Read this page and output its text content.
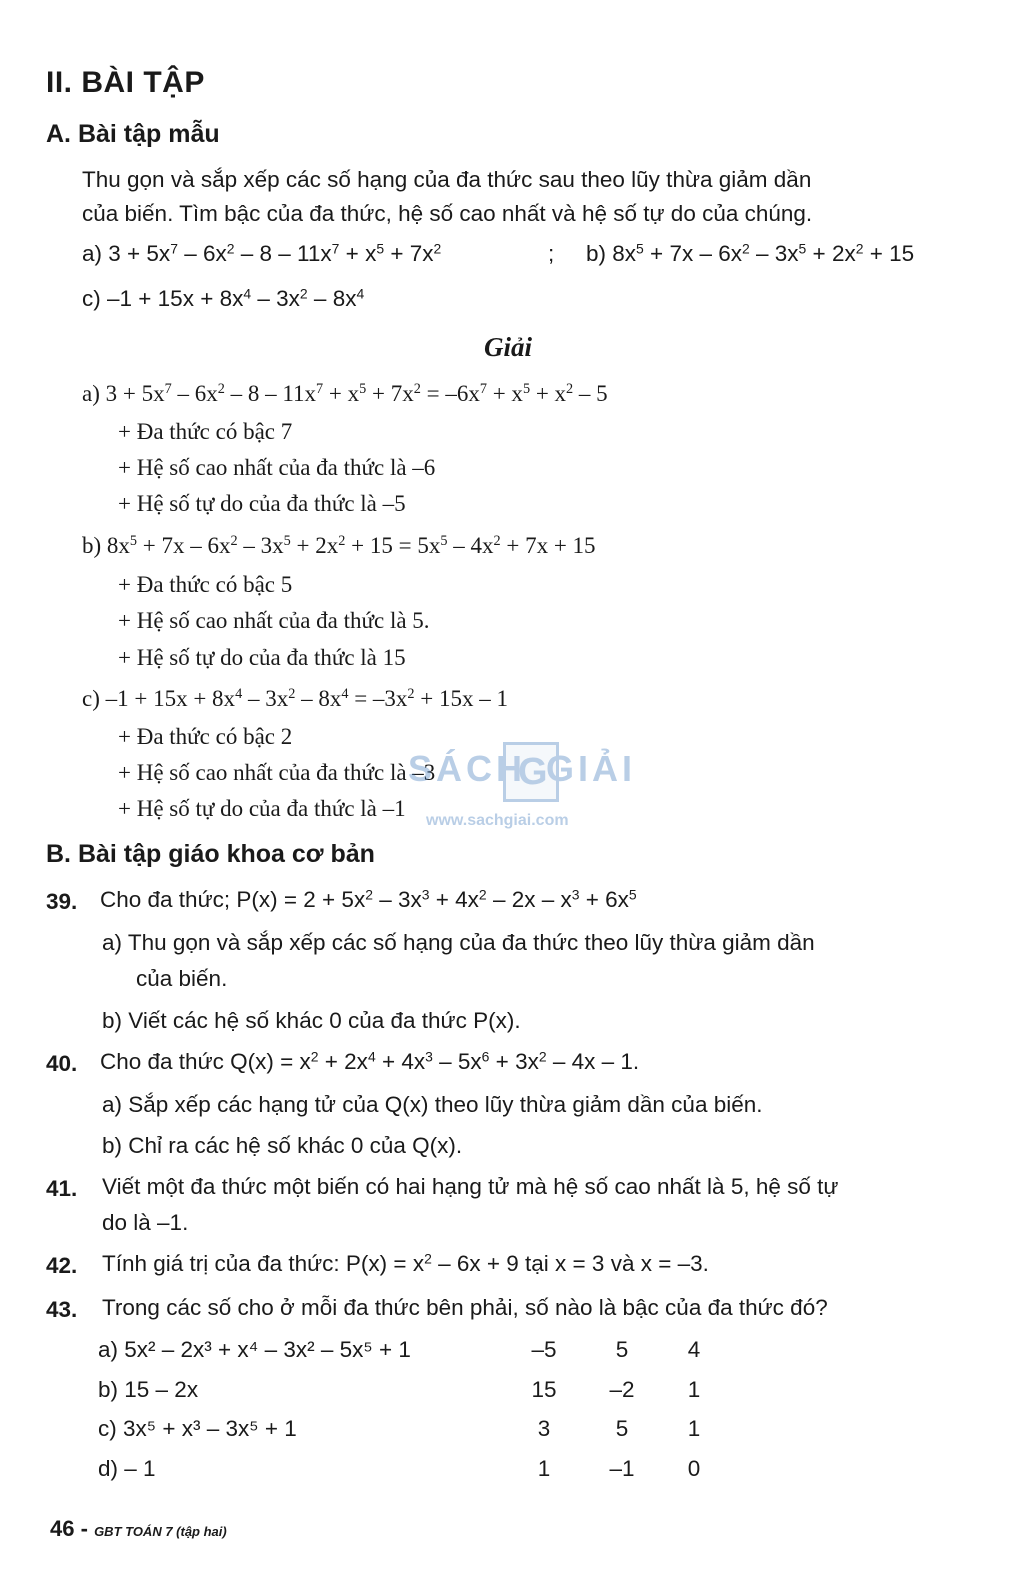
II. BÀI TẬP
A. Bài tập mẫu
Thu gọn và sắp xếp các số hạng của đa thức sau theo lũy thừa giảm dần
của biến. Tìm bậc của đa thức, hệ số cao nhất và hệ số tự do của chúng.
a) $3 + 5x^7 - 6x^2 - 8 - 11x^7 + x^5 + 7x^2$	; b) $8x^5 + 7x - 6x^2 - 3x^5 + 2x^2 + 15$
c) $-1 + 15x + 8x^4 - 3x^2 - 8x^4$
Giải
a) $3 + 5x^7 - 6x^2 - 8 - 11x^7 + x^5 + 7x^2 = -6x^7 + x^5 + x^2 - 5$
+ Đa thức có bậc 7
+ Hệ số cao nhất của đa thức là –6
+ Hệ số tự do của đa thức là –5
b) $8x^5 + 7x - 6x^2 - 3x^5 + 2x^2 + 15 = 5x^5 - 4x^2 + 7x + 15$
+ Đa thức có bậc 5
+ Hệ số cao nhất của đa thức là 5.
+ Hệ số tự do của đa thức là 15
c) $-1 + 15x + 8x^4 - 3x^2 - 8x^4 = -3x^2 + 15x - 1$
+ Đa thức có bậc 2
+ Hệ số cao nhất của đa thức là –3
+ Hệ số tự do của đa thức là –1
SÁCH
G
GIẢI
www.sachgiai.com
B. Bài tập giáo khoa cơ bản
39. Cho đa thức; $P(x) = 2 + 5x^2 - 3x^3 + 4x^2 - 2x - x^3 + 6x^5$
a) Thu gọn và sắp xếp các số hạng của đa thức theo lũy thừa giảm dần
của biến.
b) Viết các hệ số khác 0 của đa thức P(x).
40. Cho đa thức $Q(x) = x^2 + 2x^4 + 4x^3 - 5x^6 + 3x^2 - 4x - 1$.
a) Sắp xếp các hạng tử của Q(x) theo lũy thừa giảm dần của biến.
b) Chỉ ra các hệ số khác 0 của Q(x).
41. Viết một đa thức một biến có hai hạng tử mà hệ số cao nhất là 5, hệ số tự
do là –1.
42. Tính giá trị của đa thức: $P(x) = x^2 - 6x + 9$ tại x = 3 và x = –3.
43. Trong các số cho ở mỗi đa thức bên phải, số nào là bậc của đa thức đó?
a) 5x² – 2x³ + x⁴ – 3x² – 5x⁵ + 1	–5	5	4
b) 15 – 2x	15	–2	1
c) 3x⁵ + x³ – 3x⁵ + 1	3	5	1
d) – 1	1	–1	0
46 - GBT TOÁN 7 (tập hai)
